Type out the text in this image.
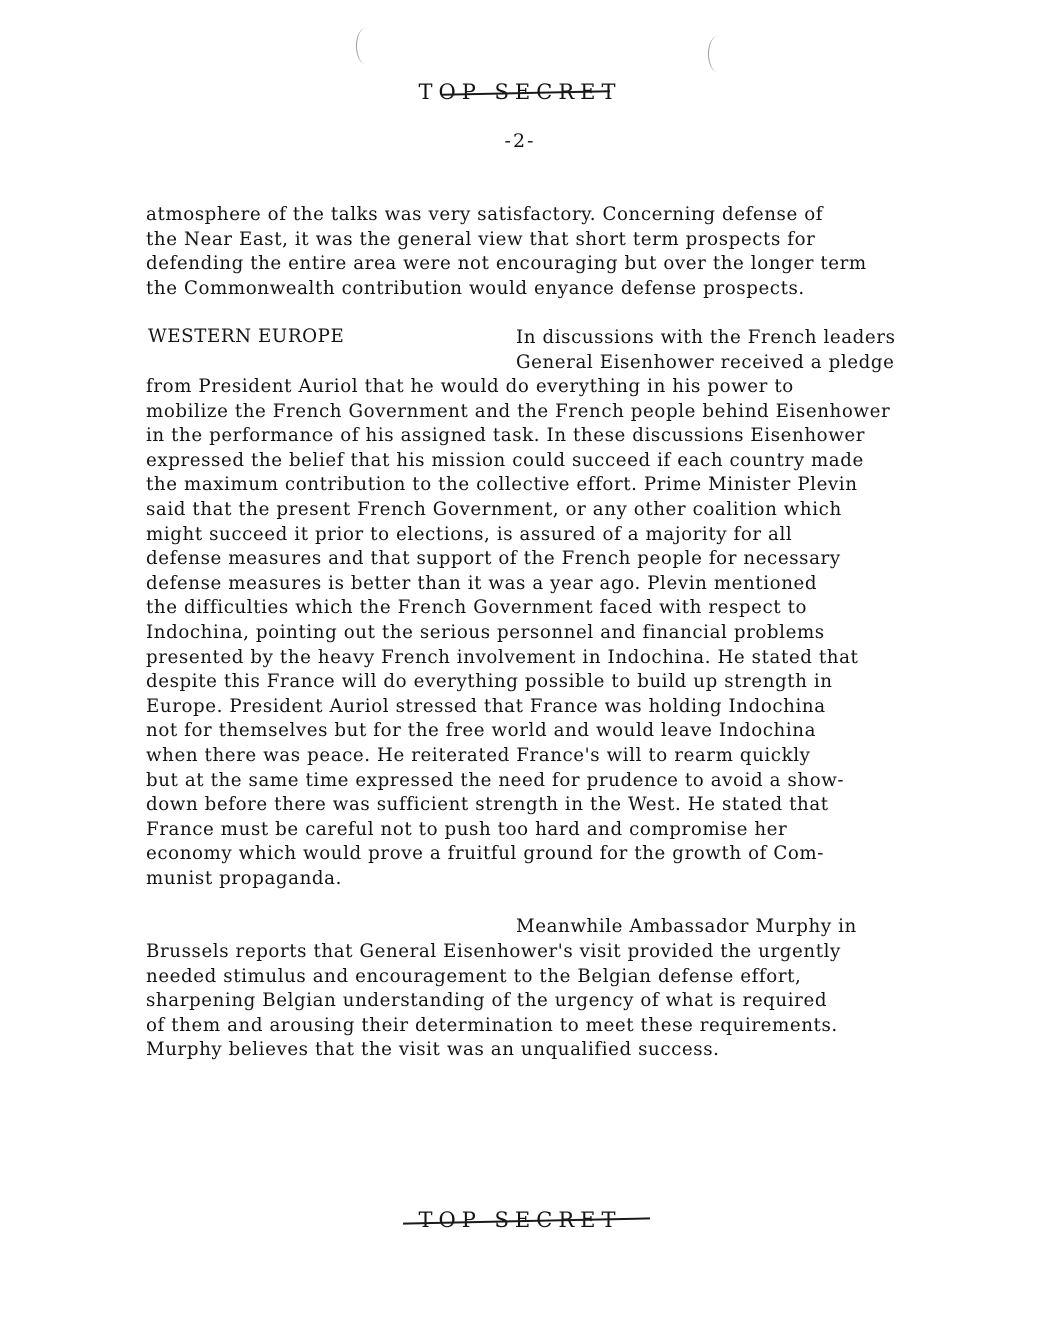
TOP SECRET
-2-
atmosphere of the talks was very satisfactory. Concerning defense of
the Near East, it was the general view that short term prospects for
defending the entire area were not encouraging but over the longer term
the Commonwealth contribution would enyance defense prospects.
WESTERN EUROPE	In discussions with the French leaders
General Eisenhower received a pledge
from President Auriol that he would do everything in his power to
mobilize the French Government and the French people behind Eisenhower
in the performance of his assigned task. In these discussions Eisenhower
expressed the belief that his mission could succeed if each country made
the maximum contribution to the collective effort. Prime Minister Plevin
said that the present French Government, or any other coalition which
might succeed it prior to elections, is assured of a majority for all
defense measures and that support of the French people for necessary
defense measures is better than it was a year ago. Plevin mentioned
the difficulties which the French Government faced with respect to
Indochina, pointing out the serious personnel and financial problems
presented by the heavy French involvement in Indochina. He stated that
despite this France will do everything possible to build up strength in
Europe. President Auriol stressed that France was holding Indochina
not for themselves but for the free world and would leave Indochina
when there was peace. He reiterated France's will to rearm quickly
but at the same time expressed the need for prudence to avoid a show-
down before there was sufficient strength in the West. He stated that
France must be careful not to push too hard and compromise her
economy which would prove a fruitful ground for the growth of Com-
munist propaganda.
Meanwhile Ambassador Murphy in
Brussels reports that General Eisenhower's visit provided the urgently
needed stimulus and encouragement to the Belgian defense effort,
sharpening Belgian understanding of the urgency of what is required
of them and arousing their determination to meet these requirements.
Murphy believes that the visit was an unqualified success.
TOP SECRET
